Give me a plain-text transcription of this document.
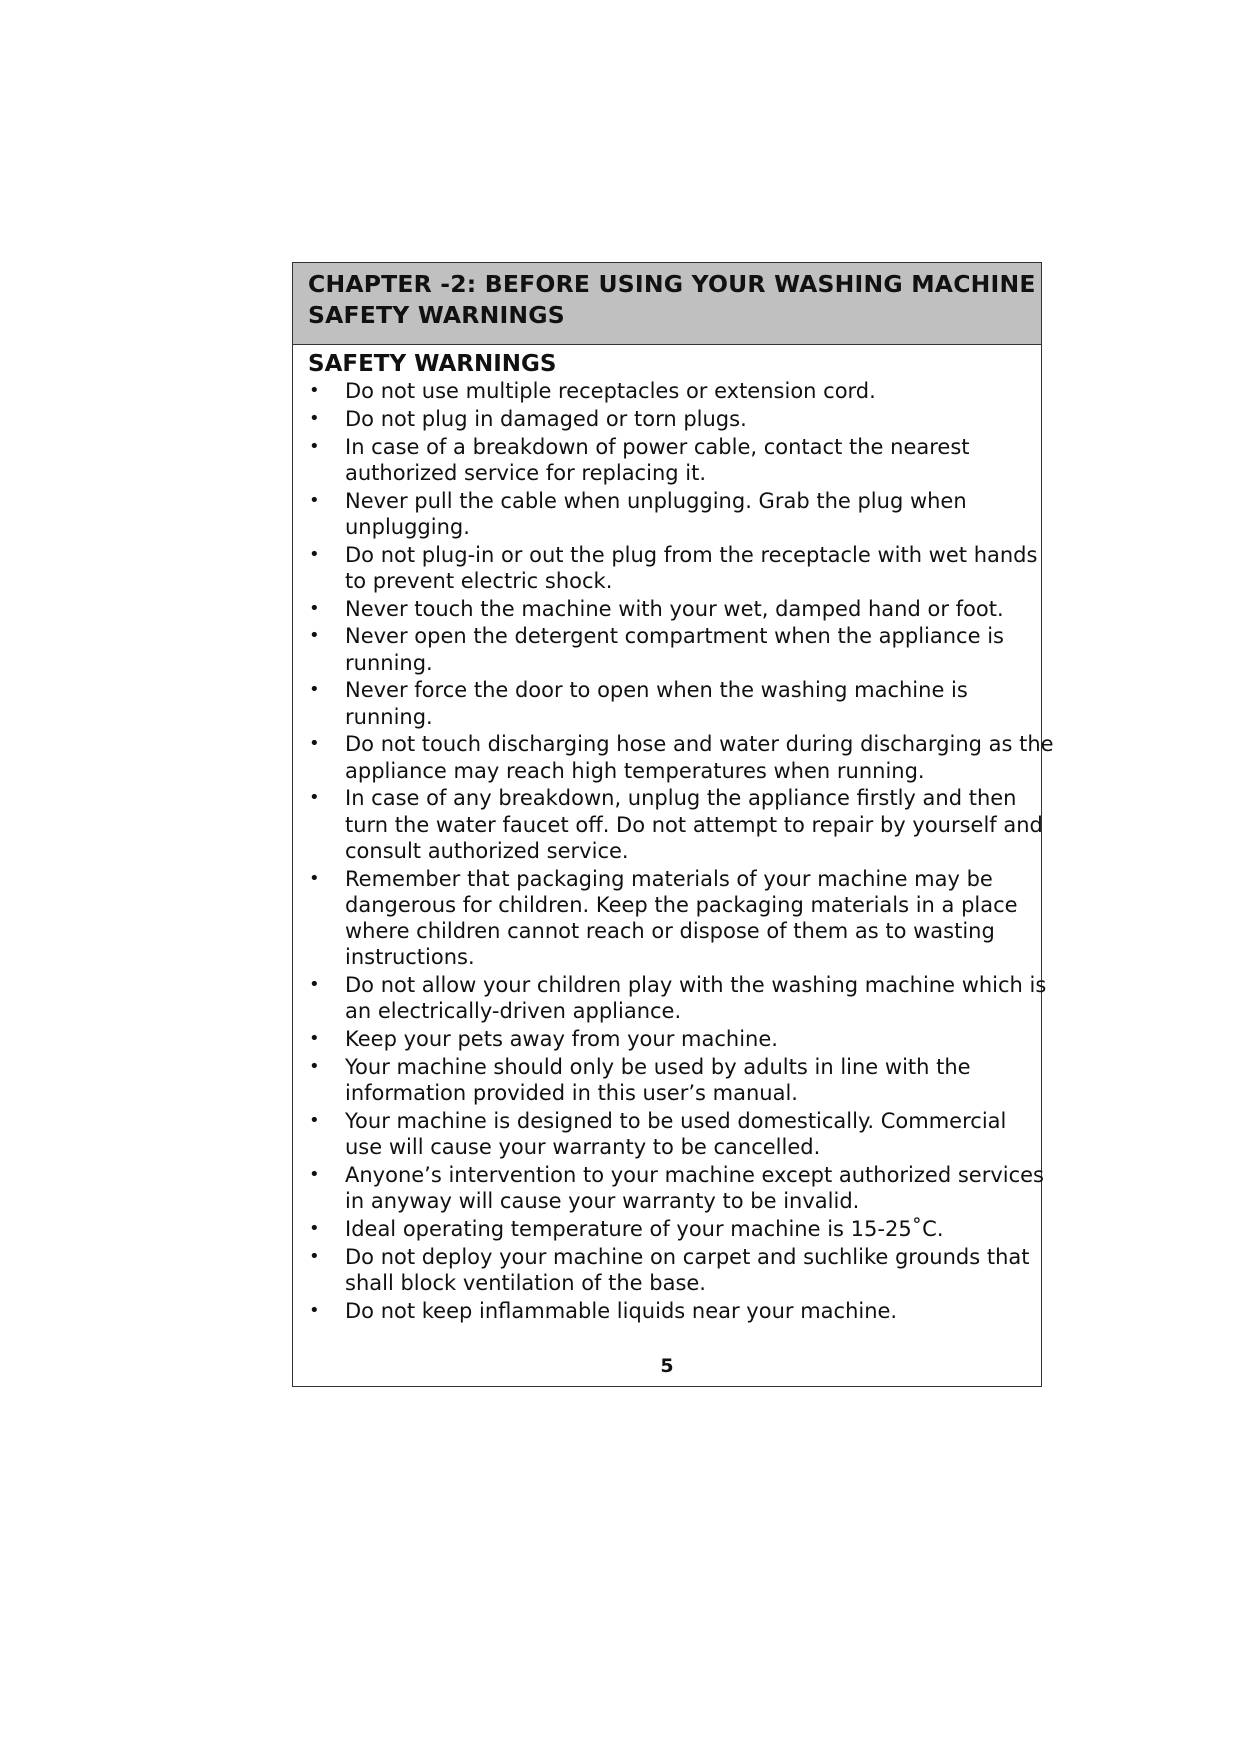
CHAPTER -2: BEFORE USING YOUR WASHING MACHINE
SAFETY WARNINGS
SAFETY WARNINGS
• Do not use multiple receptacles or extension cord.
• Do not plug in damaged or torn plugs.
• In case of a breakdown of power cable, contact the nearest
authorized service for replacing it.
• Never pull the cable when unplugging. Grab the plug when
unplugging.
• Do not plug-in or out the plug from the receptacle with wet hands
to prevent electric shock.
• Never touch the machine with your wet, damped hand or foot.
• Never open the detergent compartment when the appliance is
running.
• Never force the door to open when the washing machine is
running.
• Do not touch discharging hose and water during discharging as the
appliance may reach high temperatures when running.
• In case of any breakdown, unplug the appliance firstly and then
turn the water faucet off. Do not attempt to repair by yourself and
consult authorized service.
• Remember that packaging materials of your machine may be
dangerous for children. Keep the packaging materials in a place
where children cannot reach or dispose of them as to wasting
instructions.
• Do not allow your children play with the washing machine which is
an electrically-driven appliance.
• Keep your pets away from your machine.
• Your machine should only be used by adults in line with the
information provided in this user’s manual.
• Your machine is designed to be used domestically. Commercial
use will cause your warranty to be cancelled.
• Anyone’s intervention to your machine except authorized services
in anyway will cause your warranty to be invalid.
• Ideal operating temperature of your machine is 15-25˚C.
• Do not deploy your machine on carpet and suchlike grounds that
shall block ventilation of the base.
• Do not keep inflammable liquids near your machine.
5
